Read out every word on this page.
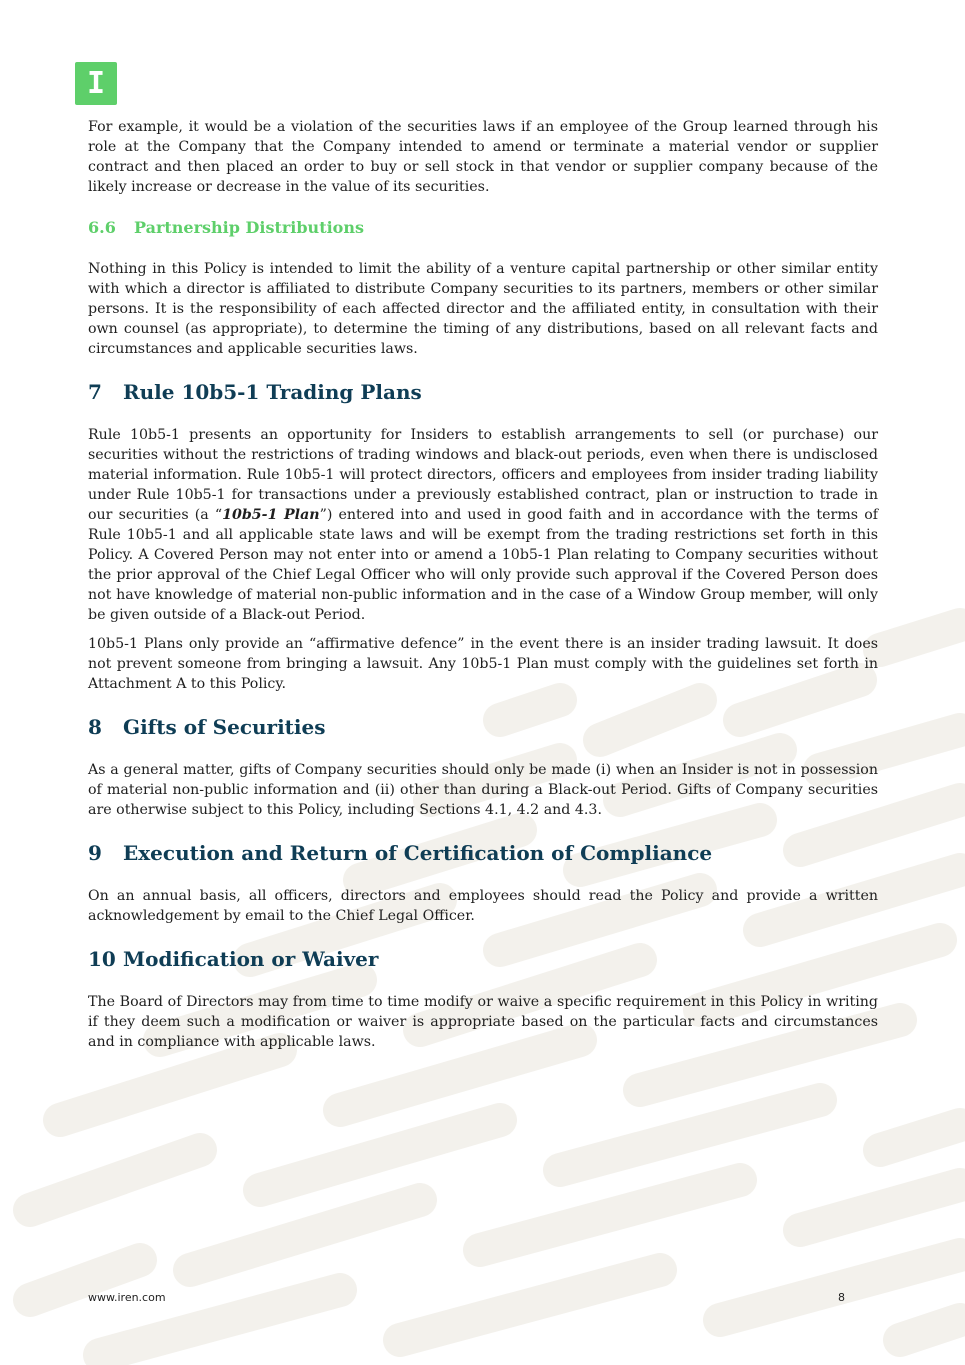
I

For example, it would be a violation of the securities laws if an employee of the Group learned through his role at the Company that the Company intended to amend or terminate a material vendor or supplier contract and then placed an order to buy or sell stock in that vendor or supplier company because of the likely increase or decrease in the value of its securities.

6.6	Partnership Distributions

Nothing in this Policy is intended to limit the ability of a venture capital partnership or other similar entity with which a director is affiliated to distribute Company securities to its partners, members or other similar persons. It is the responsibility of each affected director and the affiliated entity, in consultation with their own counsel (as appropriate), to determine the timing of any distributions, based on all relevant facts and circumstances and applicable securities laws.

7	Rule 10b5-1 Trading Plans

Rule 10b5-1 presents an opportunity for Insiders to establish arrangements to sell (or purchase) our securities without the restrictions of trading windows and black-out periods, even when there is undisclosed material information. Rule 10b5-1 will protect directors, officers and employees from insider trading liability under Rule 10b5-1 for transactions under a previously established contract, plan or instruction to trade in our securities (a “10b5-1 Plan”) entered into and used in good faith and in accordance with the terms of Rule 10b5-1 and all applicable state laws and will be exempt from the trading restrictions set forth in this Policy. A Covered Person may not enter into or amend a 10b5-1 Plan relating to Company securities without the prior approval of the Chief Legal Officer who will only provide such approval if the Covered Person does not have knowledge of material non-public information and in the case of a Window Group member, will only be given outside of a Black-out Period.

10b5-1 Plans only provide an “affirmative defence” in the event there is an insider trading lawsuit. It does not prevent someone from bringing a lawsuit. Any 10b5-1 Plan must comply with the guidelines set forth in Attachment A to this Policy.

8	Gifts of Securities

As a general matter, gifts of Company securities should only be made (i) when an Insider is not in possession of material non-public information and (ii) other than during a Black-out Period. Gifts of Company securities are otherwise subject to this Policy, including Sections 4.1, 4.2 and 4.3.

9	Execution and Return of Certification of Compliance

On an annual basis, all officers, directors and employees should read the Policy and provide a written acknowledgement by email to the Chief Legal Officer.

10 Modification or Waiver

The Board of Directors may from time to time modify or waive a specific requirement in this Policy in writing if they deem such a modification or waiver is appropriate based on the particular facts and circumstances and in compliance with applicable laws.

www.iren.com	8
